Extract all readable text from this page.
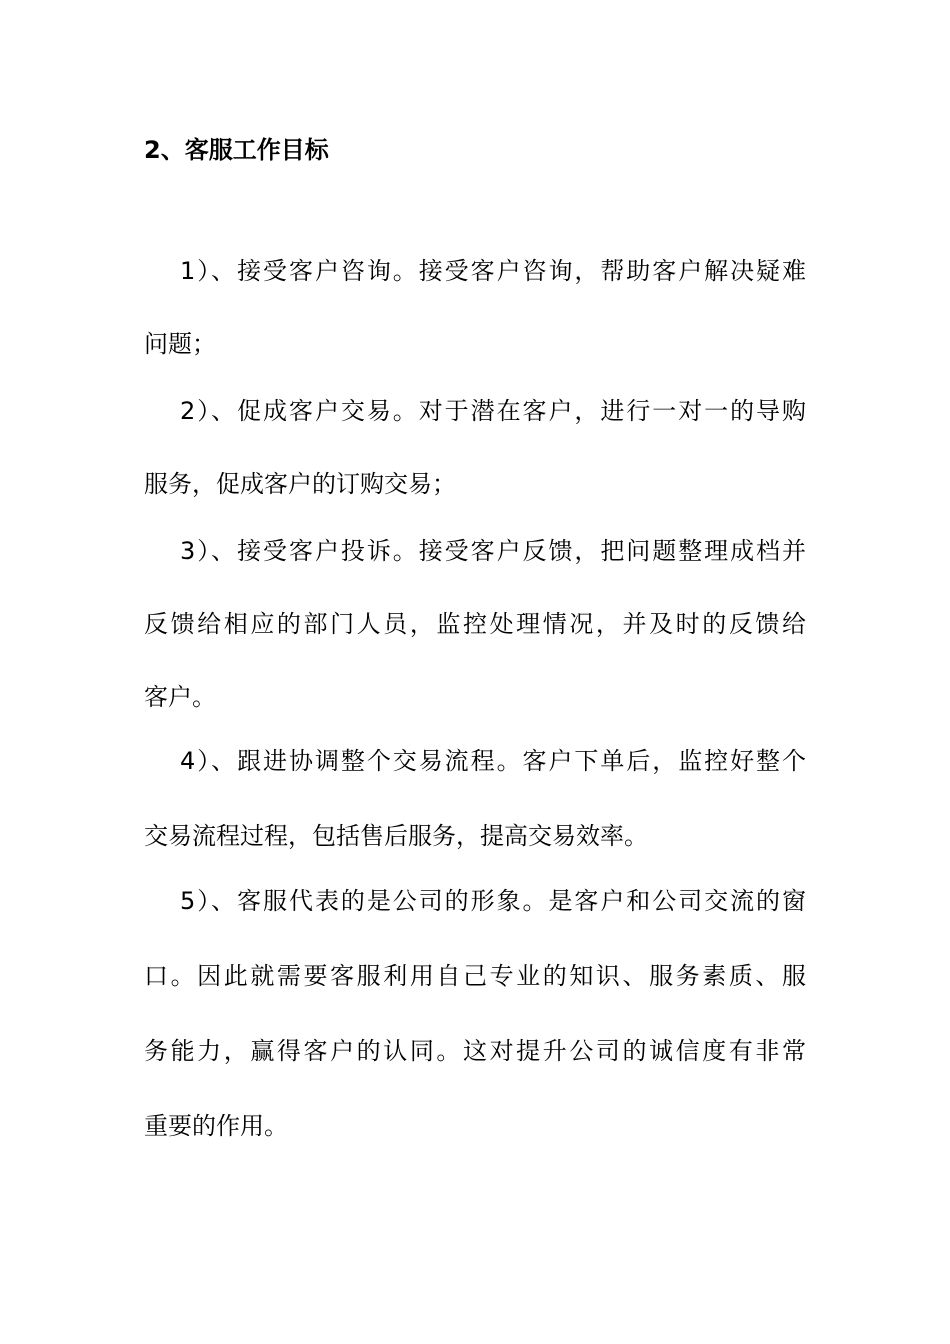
2、客服工作目标
1）、接受客户咨询。接受客户咨询，帮助客户解决疑难
问题；
2）、促成客户交易。对于潜在客户，进行一对一的导购
服务，促成客户的订购交易；
3）、接受客户投诉。接受客户反馈，把问题整理成档并
反馈给相应的部门人员，监控处理情况，并及时的反馈给
客户。
4）、跟进协调整个交易流程。客户下单后，监控好整个
交易流程过程，包括售后服务，提高交易效率。
5）、客服代表的是公司的形象。是客户和公司交流的窗
口。因此就需要客服利用自己专业的知识、服务素质、服
务能力，赢得客户的认同。这对提升公司的诚信度有非常
重要的作用。
